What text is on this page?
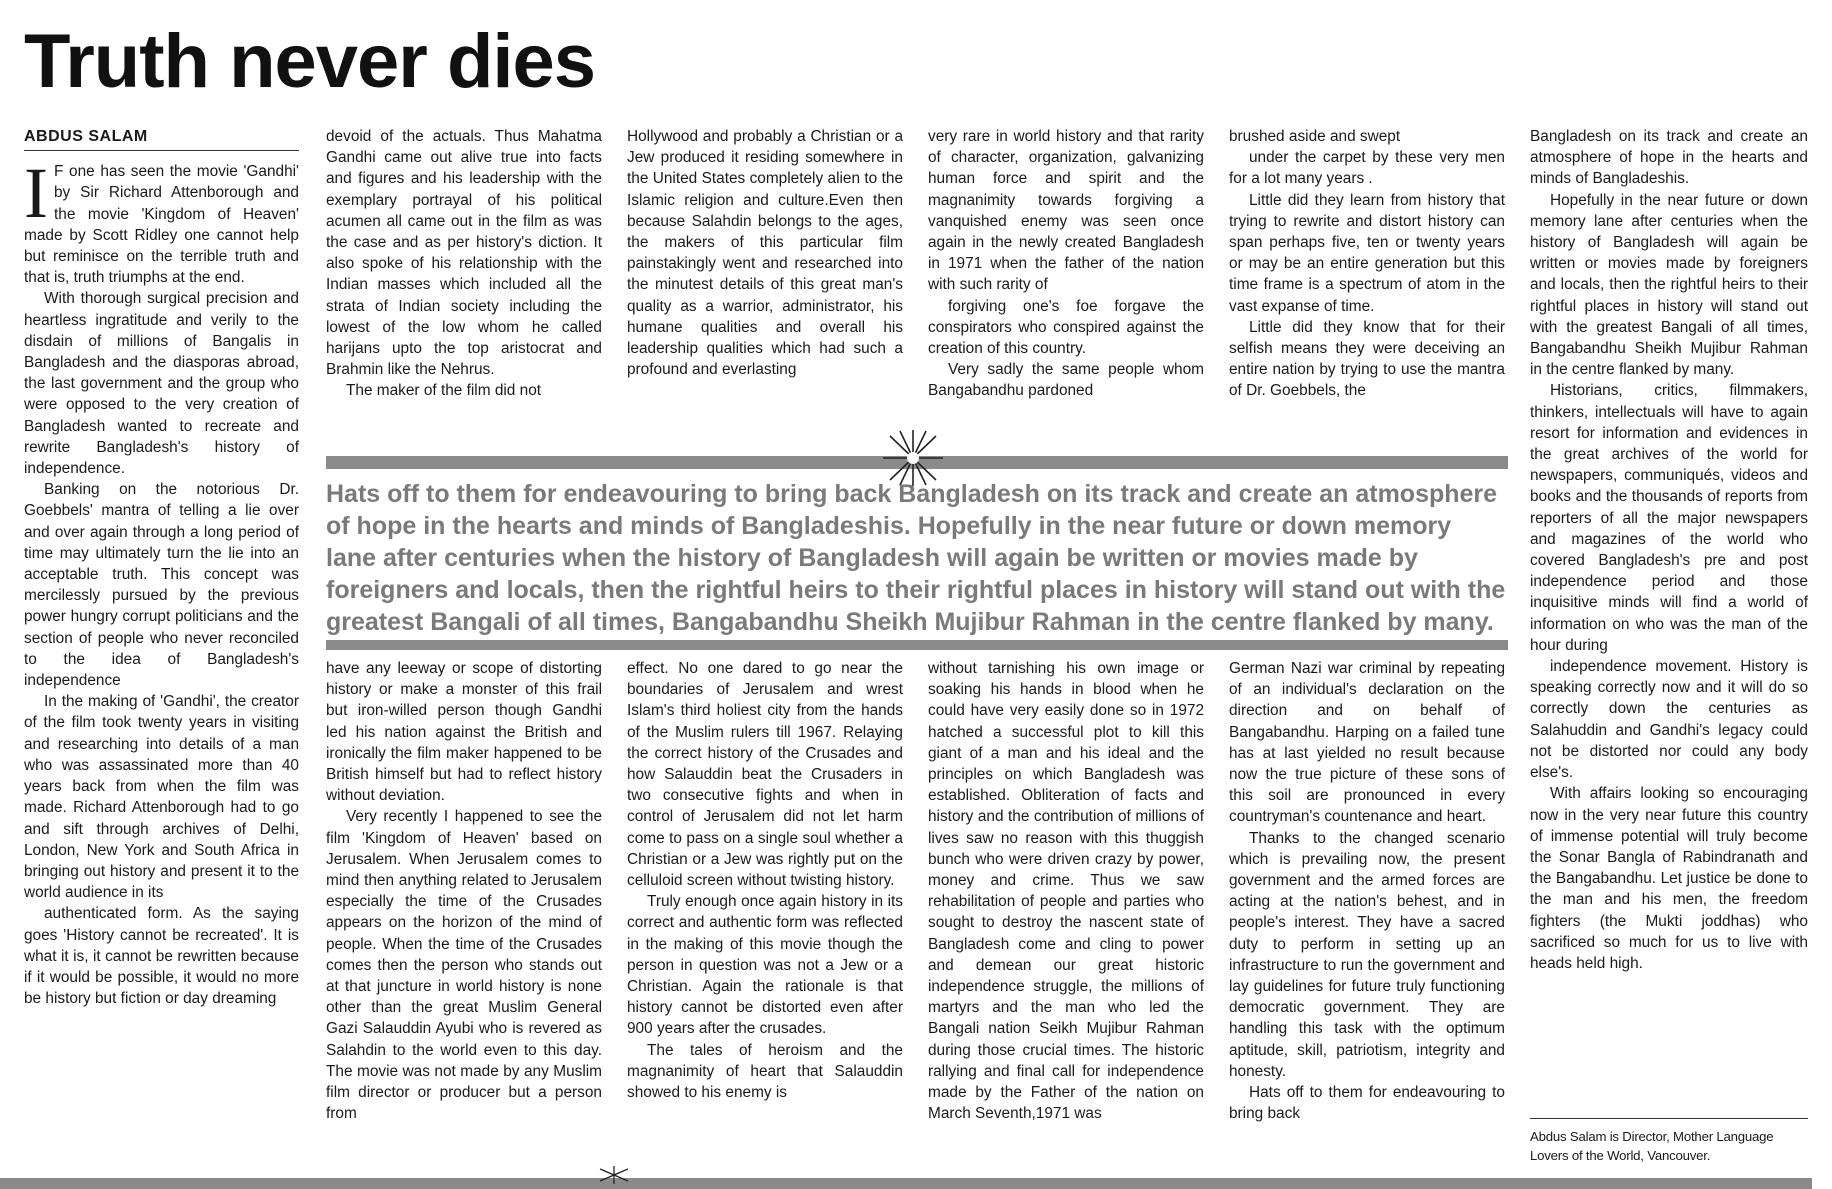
Truth never dies
ABDUS SALAM

IF one has seen the movie 'Gandhi' by Sir Richard Attenborough and the movie 'Kingdom of Heaven' made by Scott Ridley one cannot help but reminisce on the terrible truth and that is, truth triumphs at the end.

With thorough surgical precision and heartless ingratitude and verily to the disdain of millions of Bangalis in Bangladesh and the diasporas abroad, the last government and the group who were opposed to the very creation of Bangladesh wanted to recreate and rewrite Bangladesh's history of independence.

Banking on the notorious Dr. Goebbels' mantra of telling a lie over and over again through a long period of time may ultimately turn the lie into an acceptable truth. This concept was mercilessly pursued by the previous power hungry corrupt politicians and the section of people who never reconciled to the idea of Bangladesh's independence

In the making of 'Gandhi', the creator of the film took twenty years in visiting and researching into details of a man who was assassinated more than 40 years back from when the film was made. Richard Attenborough had to go and sift through archives of Delhi, London, New York and South Africa in bringing out history and present it to the world audience in its

authenticated form. As the saying goes 'History cannot be recreated'. It is what it is, it cannot be rewritten because if it would be possible, it would no more be history but fiction or day dreaming

devoid of the actuals. Thus Mahatma Gandhi came out alive true into facts and figures and his leadership with the exemplary portrayal of his political acumen all came out in the film as was the case and as per history's diction. It also spoke of his relationship with the Indian masses which included all the strata of Indian society including the lowest of the low whom he called harijans upto the top aristocrat and Brahmin like the Nehrus.

The maker of the film did not

Hollywood and probably a Christian or a Jew produced it residing somewhere in the United States completely alien to the Islamic religion and culture.Even then because Salahdin belongs to the ages, the makers of this particular film painstakingly went and researched into the minutest details of this great man's quality as a warrior, administrator, his humane qualities and overall his leadership qualities which had such a profound and everlasting

very rare in world history and that rarity of character, organization, galvanizing human force and spirit and the magnanimity towards forgiving a vanquished enemy was seen once again in the newly created Bangladesh in 1971 when the father of the nation with such rarity of

forgiving one's foe forgave the conspirators who conspired against the creation of this country.

Very sadly the same people whom Bangabandhu pardoned

brushed aside and swept

under the carpet by these very men for a lot many years .

Little did they learn from history that trying to rewrite and distort history can span perhaps five, ten or twenty years or may be an entire generation but this time frame is a spectrum of atom in the vast expanse of time.

Little did they know that for their selfish means they were deceiving an entire nation by trying to use the mantra of Dr. Goebbels, the

Hats off to them for endeavouring to bring back Bangladesh on its track and create an atmosphere of hope in the hearts and minds of Bangladeshis. Hopefully in the near future or down memory lane after centuries when the history of Bangladesh will again be written or movies made by foreigners and locals, then the rightful heirs to their rightful places in history will stand out with the greatest Bangali of all times, Bangabandhu Sheikh Mujibur Rahman in the centre flanked by many.

have any leeway or scope of distorting history or make a monster of this frail but iron-willed person though Gandhi led his nation against the British and ironically the film maker happened to be British himself but had to reflect history without deviation.

Very recently I happened to see the film 'Kingdom of Heaven' based on Jerusalem. When Jerusalem comes to mind then anything related to Jerusalem especially the time of the Crusades appears on the horizon of the mind of people. When the time of the Crusades comes then the person who stands out at that juncture in world history is none other than the great Muslim General Gazi Salauddin Ayubi who is revered as Salahdin to the world even to this day. The movie was not made by any Muslim film director or producer but a person from

effect. No one dared to go near the boundaries of Jerusalem and wrest Islam's third holiest city from the hands of the Muslim rulers till 1967. Relaying the correct history of the Crusades and how Salauddin beat the Crusaders in two consecutive fights and when in control of Jerusalem did not let harm come to pass on a single soul whether a Christian or a Jew was rightly put on the celluloid screen without twisting history.

Truly enough once again history in its correct and authentic form was reflected in the making of this movie though the person in question was not a Jew or a Christian. Again the rationale is that history cannot be distorted even after 900 years after the crusades.

The tales of heroism and the magnanimity of heart that Salauddin showed to his enemy is

without tarnishing his own image or soaking his hands in blood when he could have very easily done so in 1972 hatched a successful plot to kill this giant of a man and his ideal and the principles on which Bangladesh was established. Obliteration of facts and history and the contribution of millions of lives saw no reason with this thuggish bunch who were driven crazy by power, money and crime. Thus we saw rehabilitation of people and parties who sought to destroy the nascent state of Bangladesh come and cling to power and demean our great historic independence struggle, the millions of martyrs and the man who led the Bangali nation Seikh Mujibur Rahman during those crucial times. The historic rallying and final call for independence made by the Father of the nation on March Seventh,1971 was

German Nazi war criminal by repeating of an individual's declaration on the direction and on behalf of Bangabandhu. Harping on a failed tune has at last yielded no result because now the true picture of these sons of this soil are pronounced in every countryman's countenance and heart.

Thanks to the changed scenario which is prevailing now, the present government and the armed forces are acting at the nation's behest, and in people's interest. They have a sacred duty to perform in setting up an infrastructure to run the government and lay guidelines for future truly functioning democratic government. They are handling this task with the optimum aptitude, skill, patriotism, integrity and honesty.

Hats off to them for endeavouring to bring back

Bangladesh on its track and create an atmosphere of hope in the hearts and minds of Bangladeshis.

Hopefully in the near future or down memory lane after centuries when the history of Bangladesh will again be written or movies made by foreigners and locals, then the rightful heirs to their rightful places in history will stand out with the greatest Bangali of all times, Bangabandhu Sheikh Mujibur Rahman in the centre flanked by many.

Historians, critics, filmmakers, thinkers, intellectuals will have to again resort for information and evidences in the great archives of the world for newspapers, communiqués, videos and books and the thousands of reports from reporters of all the major newspapers and magazines of the world who covered Bangladesh's pre and post independence period and those inquisitive minds will find a world of information on who was the man of the hour during

independence movement. History is speaking correctly now and it will do so correctly down the centuries as Salahuddin and Gandhi's legacy could not be distorted nor could any body else's.

With affairs looking so encouraging now in the very near future this country of immense potential will truly become the Sonar Bangla of Rabindranath and the Bangabandhu. Let justice be done to the man and his men, the freedom fighters (the Mukti joddhas) who sacrificed so much for us to live with heads held high.

Abdus Salam is Director, Mother Language Lovers of the World, Vancouver.
